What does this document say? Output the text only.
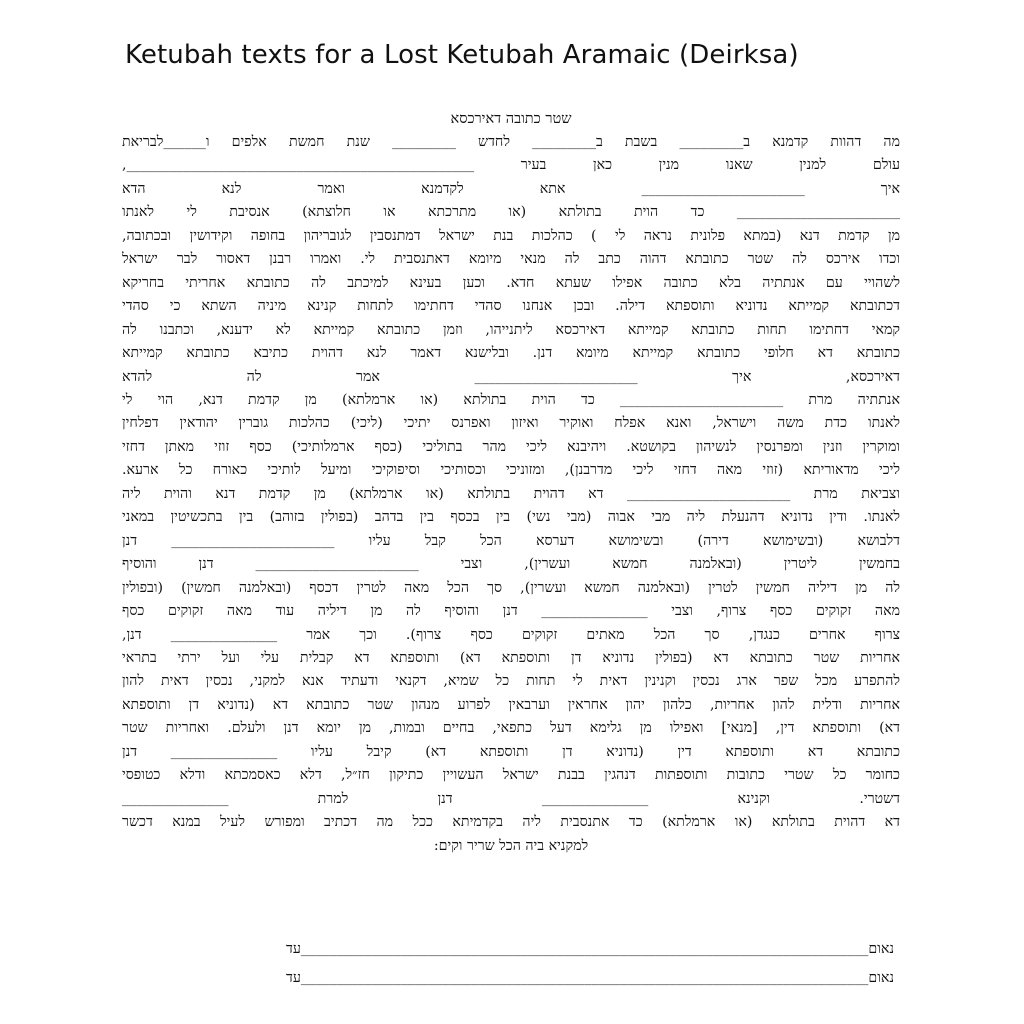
Ketubah texts for a Lost Ketubah Aramaic (Deirksa)
שטר כתובה דאירכסא
מה דהוות קדמנא ב_________ בשבת ב_________ לחדש _________ שנת חמשת אלפים ו______לבריאת
עולם למנין שאנו מנין כאן בעיר _________________________________________________,
איך _______________________ אתא לקדמנא ואמר לנא הדא
_______________________ כד הוית בתולתא (או מתרכתא או חלוצתא) אנסיבת לי לאנתו
מן קדמת דנא (במתא פלונית נראה לי ) כהלכות בנת ישראל דמתנסבין לגובריהון בחופה וקידושין ובכתובה,
וכדו אירכס לה שטר כתובתא דהוה כתב לה מנאי מיומא דאתנסבית לי. ואמרו רבנן דאסור לבר ישראל
לשהויי עם אנתתיה בלא כתובה אפילו שעתא חדא. וכען בעינא למיכתב לה כתובתא אחריתי בחריקא
דכתובתא קמייתא נדוניא ותוספתא דילה. ובכן אנחנו סהדי דחתימו לתחות קנינא מיניה השתא כי סהדי
קמאי דחתימו תחות כתובתא קמייתא דאירכסא ליתנייהו, וזמן כתובתא קמייתא לא ידענא, וכתבנו לה
כתובתא דא חלופי כתובתא קמייתא מיומא דנן. ובלישנא דאמר לנא דהוית כתיבא כתובתא קמייתא
דאירכסא, איך _______________________ אמר לה להדא
אנתתיה מרת _______________________ כד הוית בתולתא (או ארמלתא) מן קדמת דנא, הוי לי
לאנתו כדת משה וישראל, ואנא אפלח ואוקיר ואיזון ואפרנס יתיכי (ליכי) כהלכות גוברין יהודאין דפלחין
ומוקרין וזנין ומפרנסין לנשיהון בקושטא. ויהיבנא ליכי מהר בתוליכי (כסף ארמלותיכי) כסף זוזי מאתן דחזי
ליכי מדאוריתא (זוזי מאה דחזי ליכי מדרבנן), ומזוניכי וכסותיכי וסיפוקיכי ומיעל לותיכי כאורח כל ארעא.
וצביאת מרת _______________________ דא דהוית בתולתא (או ארמלתא) מן קדמת דנא והוית ליה
לאנתו. ודין נדוניא דהנעלת ליה מבי אבוה (מבי נשי) בין בכסף בין בדהב (בפולין בזוהב) בין בתכשיטין במאני
דלבושא (ובשימושא דירה) ובשימושא דערסא הכל קבל עליו _______________________ דנן
בחמשין ליטרין (ובאלמנה חמשא ועשרין), וצבי _______________________ דנן והוסיף
לה מן דיליה חמשין לטרין (ובאלמנה חמשא ועשרין), סך הכל מאה לטרין דכסף (ובאלמנה חמשין) (ובפולין
מאה זקוקים כסף צרוף, וצבי _______________ דנן והוסיף לה מן דיליה עוד מאה זקוקים כסף
צרוף אחרים כנגדן, סך הכל מאתים זקוקים כסף צרוף). וכך אמר _______________ דנן,
אחריות שטר כתובתא דא (בפולין נדוניא דן ותוספתא דא) ותוספתא דא קבלית עלי ועל ירתי בתראי
להתפרע מכל שפר ארג נכסין וקנינין דאית לי תחות כל שמיא, דקנאי ודעתיד אנא למקני, נכסין דאית להון
אחריות ודלית להון אחריות, כלהון יהון אחראין וערבאין לפרוע מנהון שטר כתובתא דא (נדוניא דן ותוספתא
דא) ותוספתא דין, [מנאי] ואפילו מן גלימא דעל כתפאי, בחיים ובמות, מן יומא דנן ולעלם. ואחריות שטר
כתובתא דא ותוספתא דין (נדוניא דן ותוספתא דא) קיבל עליו _______________ דנן
כחומר כל שטרי כתובות ותוספתות דנהגין בבנת ישראל העשויין כתיקון חז״ל, דלא כאסמכתא ודלא כטופסי
דשטרי. וקנינא _______________ דנן למרת _______________
דא דהוית בתולתא (או ארמלתא) כד אתנסבית ליה בקדמיתא ככל מה דכתיב ומפורש לעיל במנא דכשר
למקניא ביה הכל שריר וקים:
נאום________________________________________________________________________________עד
נאום________________________________________________________________________________עד
